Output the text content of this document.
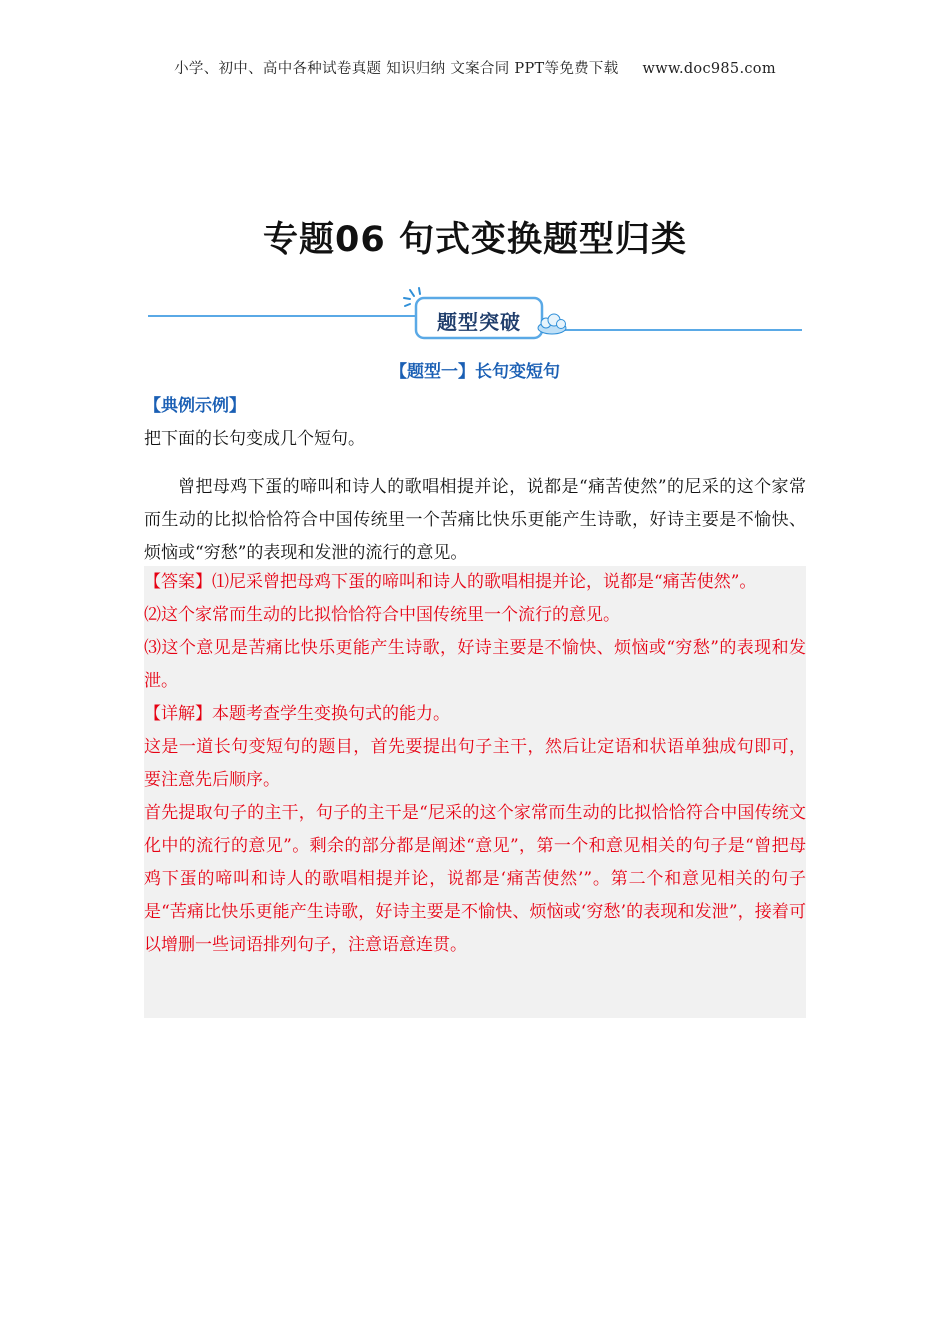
小学、初中、高中各种试卷真题 知识归纳 文案合同 PPT等免费下载 www.doc985.com
专题06 句式变换题型归类
题型突破
【题型一】长句变短句
【典例示例】
把下面的长句变成几个短句。
曾把母鸡下蛋的啼叫和诗人的歌唱相提并论，说都是“痛苦使然”的尼采的这个家常而生动的比拟恰恰符合中国传统里一个苦痛比快乐更能产生诗歌，好诗主要是不愉快、烦恼或“穷愁”的表现和发泄的流行的意见。

【答案】⑴尼采曾把母鸡下蛋的啼叫和诗人的歌唱相提并论，说都是“痛苦使然”。

⑵这个家常而生动的比拟恰恰符合中国传统里一个流行的意见。

⑶这个意见是苦痛比快乐更能产生诗歌，好诗主要是不愉快、烦恼或“穷愁”的表现和发泄。

【详解】本题考查学生变换句式的能力。

这是一道长句变短句的题目，首先要提出句子主干，然后让定语和状语单独成句即可，要注意先后顺序。

首先提取句子的主干，句子的主干是“尼采的这个家常而生动的比拟恰恰符合中国传统文化中的流行的意见”。剩余的部分都是阐述“意见”，第一个和意见相关的句子是“曾把母鸡下蛋的啼叫和诗人的歌唱相提并论，说都是‘痛苦使然’”。第二个和意见相关的句子是“苦痛比快乐更能产生诗歌，好诗主要是不愉快、烦恼或‘穷愁’的表现和发泄”，接着可以增删一些词语排列句子，注意语意连贯。
